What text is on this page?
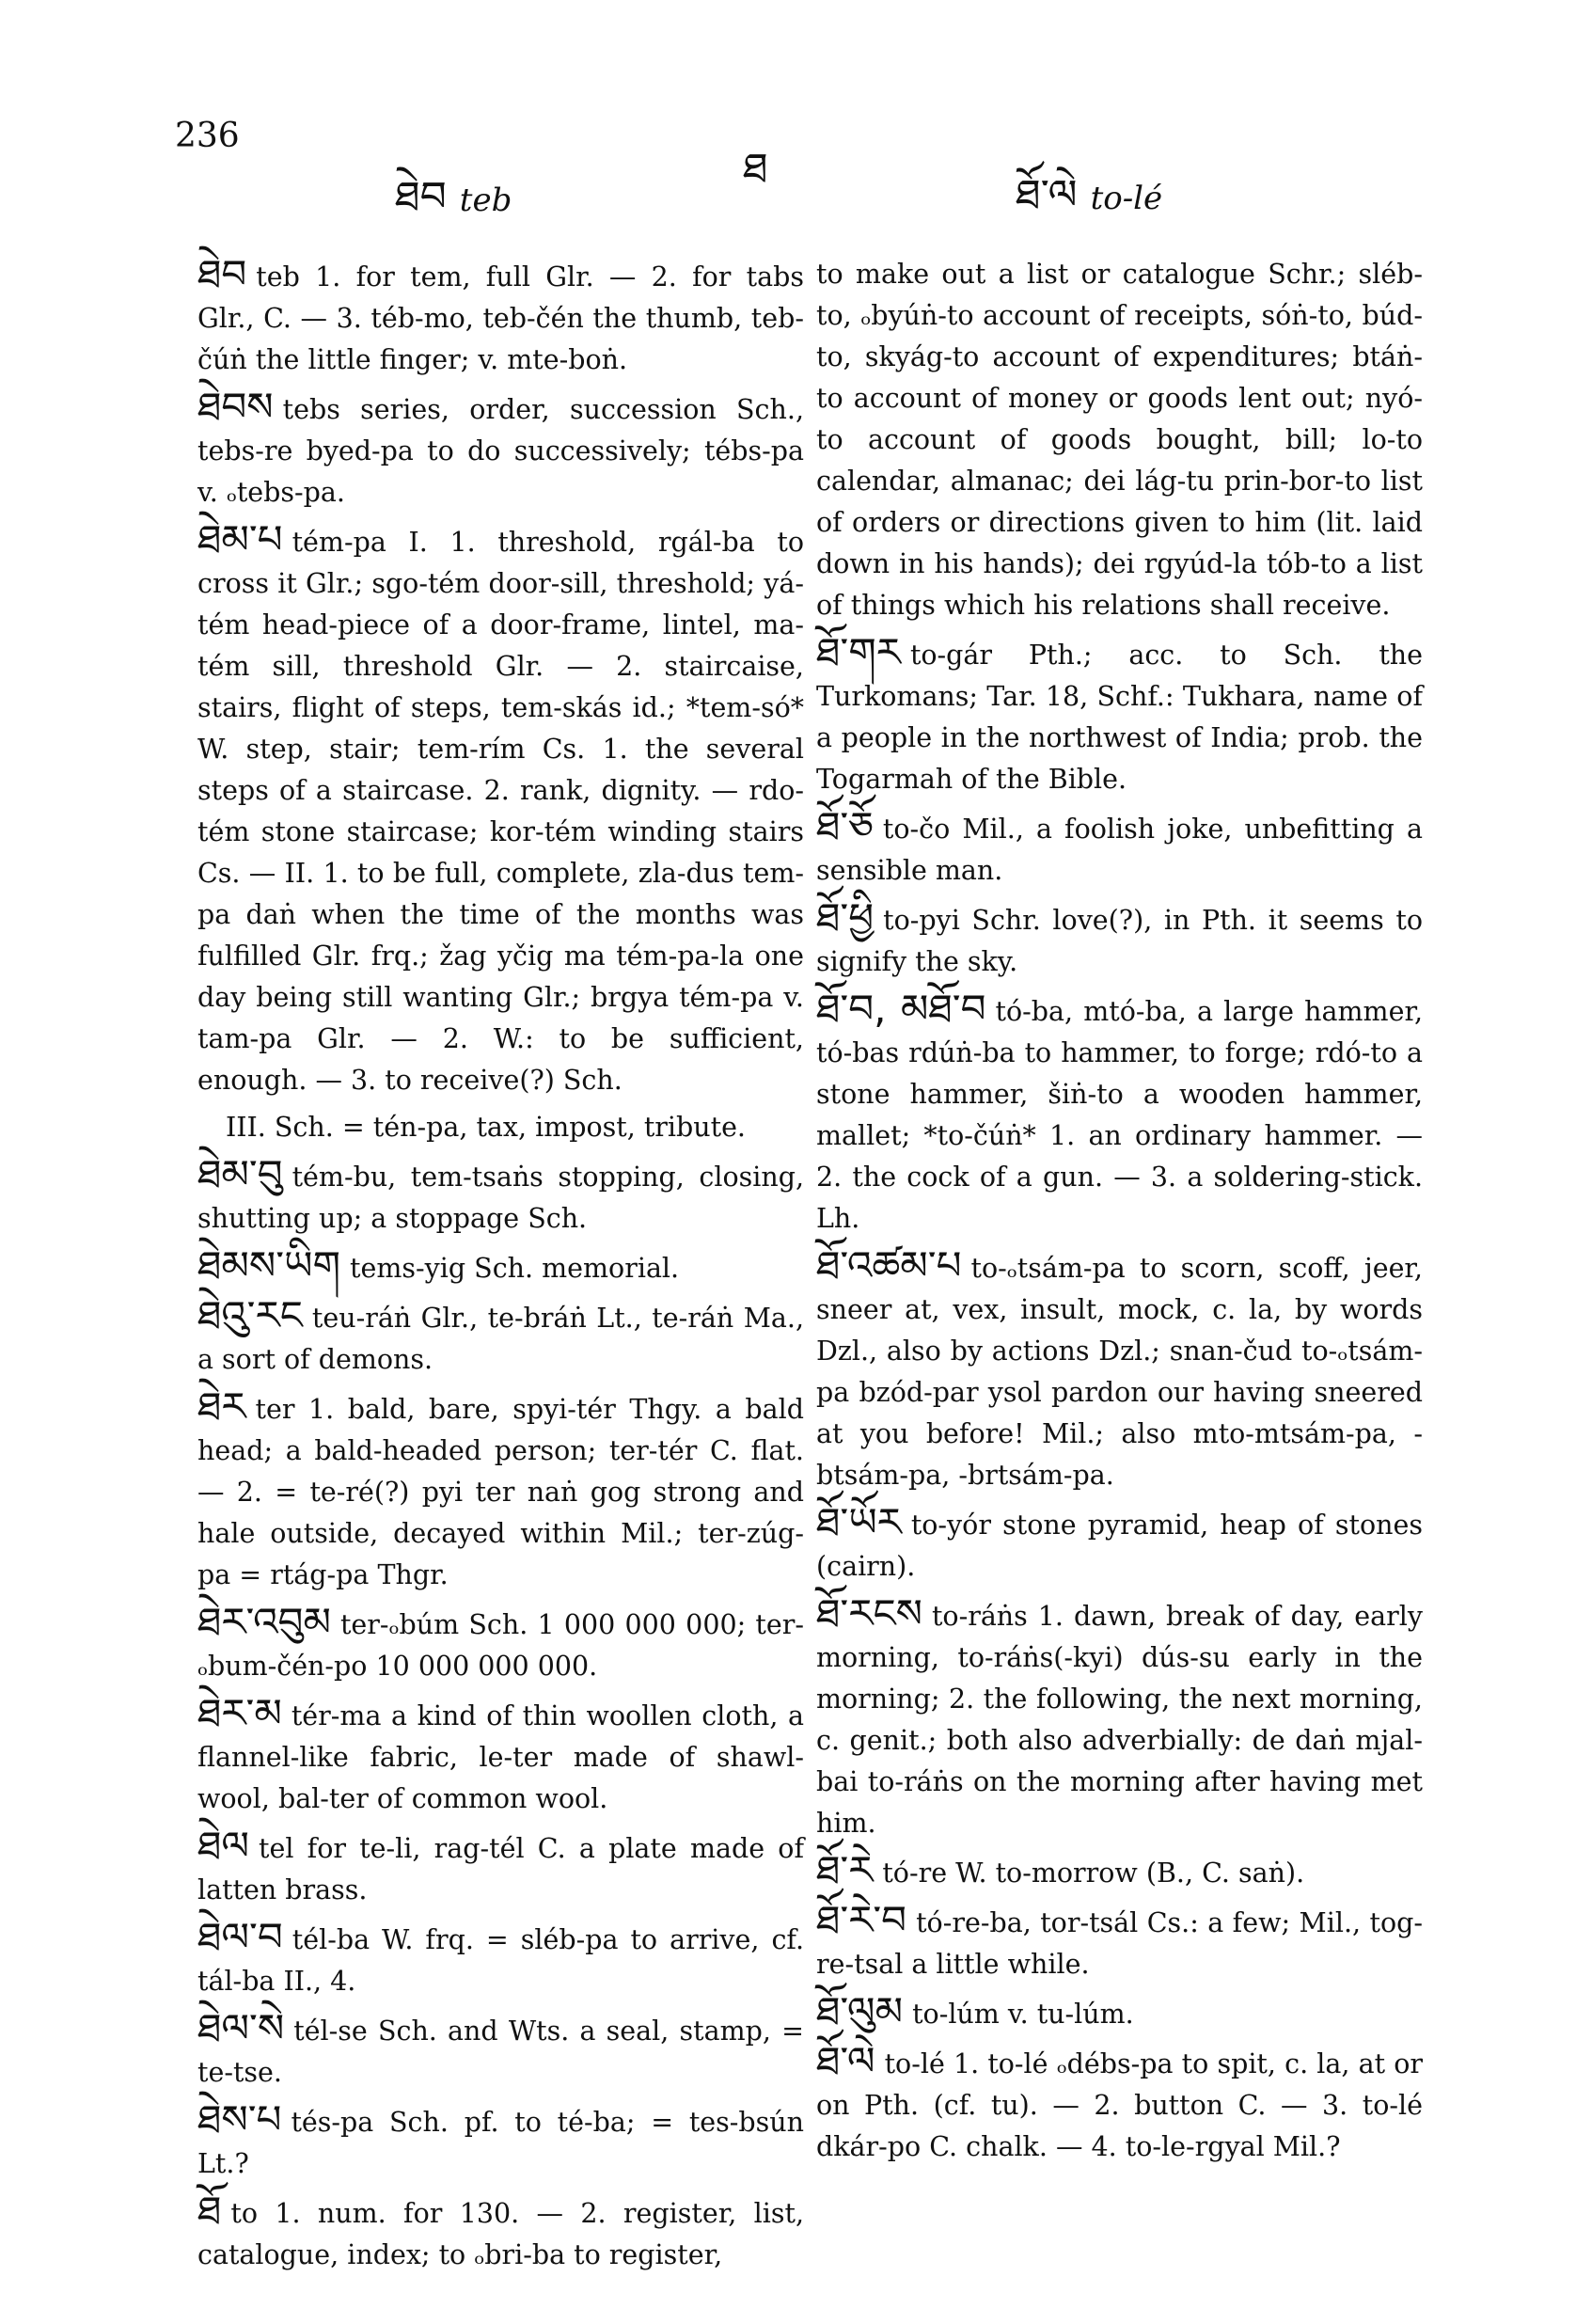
236
ཐེབ teb
ཐ
ཐོ་ལེ to-lé

ཐེབ teb 1. for tem, full Glr. — 2. for tabs Glr., C. — 3. téb-mo, teb-čén the thumb, teb-čúṅ the little finger; v. mte-boṅ.

ཐེབས tebs series, order, succession Sch., tebs-re byed-pa to do successively; tébs-pa v. ₒtebs-pa.

ཐེམ་པ tém-pa I. 1. threshold, rgál-ba to cross it Glr.; sgo-tém door-sill, threshold; yá-tém head-piece of a door-frame, lintel, ma-tém sill, threshold Glr. — 2. staircaise, stairs, flight of steps, tem-skás id.; *tem-só* W. step, stair; tem-rím Cs. 1. the several steps of a staircase. 2. rank, dignity. — rdo-tém stone staircase; kor-tém winding stairs Cs. — II. 1. to be full, complete, zla-dus tem-pa daṅ when the time of the months was fulfilled Glr. frq.; žag yčig ma tém-pa-la one day being still wanting Glr.; brgya tém-pa v. tam-pa Glr. — 2. W.: to be sufficient, enough. — 3. to receive(?) Sch.

III. Sch. = tén-pa, tax, impost, tribute.

ཐེམ་བུ tém-bu, tem-tsaṅs stopping, closing, shutting up; a stoppage Sch.

ཐེམས་ཡིག tems-yig Sch. memorial.

ཐེའུ་རང teu-ráṅ Glr., te-bráṅ Lt., te-ráṅ Ma., a sort of demons.

ཐེར ter 1. bald, bare, spyi-tér Thgy. a bald head; a bald-headed person; ter-tér C. flat. — 2. = te-ré(?) pyi ter naṅ gog strong and hale outside, decayed within Mil.; ter-zúg-pa = rtág-pa Thgr.

ཐེར་འབུམ ter-ₒbúm Sch. 1 000 000 000; ter-ₒbum-čén-po 10 000 000 000.

ཐེར་མ tér-ma a kind of thin woollen cloth, a flannel-like fabric, le-ter made of shawl-wool, bal-ter of common wool.

ཐེལ tel for te-li, rag-tél C. a plate made of latten brass.

ཐེལ་བ tél-ba W. frq. = sléb-pa to arrive, cf. tál-ba II., 4.

ཐེལ་སེ tél-se Sch. and Wts. a seal, stamp, = te-tse.

ཐེས་པ tés-pa Sch. pf. to té-ba; = tes-bsún Lt.?

ཐོ to 1. num. for 130. — 2. register, list, catalogue, index; to ₒbri-ba to register,

to make out a list or catalogue Schr.; sléb-to, ₒbyúṅ-to account of receipts, sóṅ-to, búd-to, skyág-to account of expenditures; btáṅ-to account of money or goods lent out; nyó-to account of goods bought, bill; lo-to calendar, almanac; dei lág-tu prin-bor-to list of orders or directions given to him (lit. laid down in his hands); dei rgyúd-la tób-to a list of things which his relations shall receive.

ཐོ་གར to-gár Pth.; acc. to Sch. the Turkomans; Tar. 18, Schf.: Tukhara, name of a people in the northwest of India; prob. the Togarmah of the Bible.

ཐོ་ཅོ to-čo Mil., a foolish joke, unbefitting a sensible man.

ཐོ་ཕྱི to-pyi Schr. love(?), in Pth. it seems to signify the sky.

ཐོ་བ, མཐོ་བ tó-ba, mtó-ba, a large hammer, tó-bas rdúṅ-ba to hammer, to forge; rdó-to a stone hammer, šiṅ-to a wooden hammer, mallet; *to-čúṅ* 1. an ordinary hammer. — 2. the cock of a gun. — 3. a soldering-stick. Lh.

ཐོ་འཚམ་པ to-ₒtsám-pa to scorn, scoff, jeer, sneer at, vex, insult, mock, c. la, by words Dzl., also by actions Dzl.; snan-čud to-ₒtsám-pa bzód-par ysol pardon our having sneered at you before! Mil.; also mto-mtsám-pa, -btsám-pa, -brtsám-pa.

ཐོ་ཡོར to-yór stone pyramid, heap of stones (cairn).

ཐོ་རངས to-ráṅs 1. dawn, break of day, early morning, to-ráṅs(-kyi) dús-su early in the morning; 2. the following, the next morning, c. genit.; both also adverbially: de daṅ mjal-bai to-ráṅs on the morning after having met him.

ཐོ་རེ tó-re W. to-morrow (B., C. saṅ).

ཐོ་རེ་བ tó-re-ba, tor-tsál Cs.: a few; Mil., tog-re-tsal a little while.

ཐོ་ལུམ to-lúm v. tu-lúm.

ཐོ་ལེ to-lé 1. to-lé ₒdébs-pa to spit, c. la, at or on Pth. (cf. tu). — 2. button C. — 3. to-lé dkár-po C. chalk. — 4. to-le-rgyal Mil.?
